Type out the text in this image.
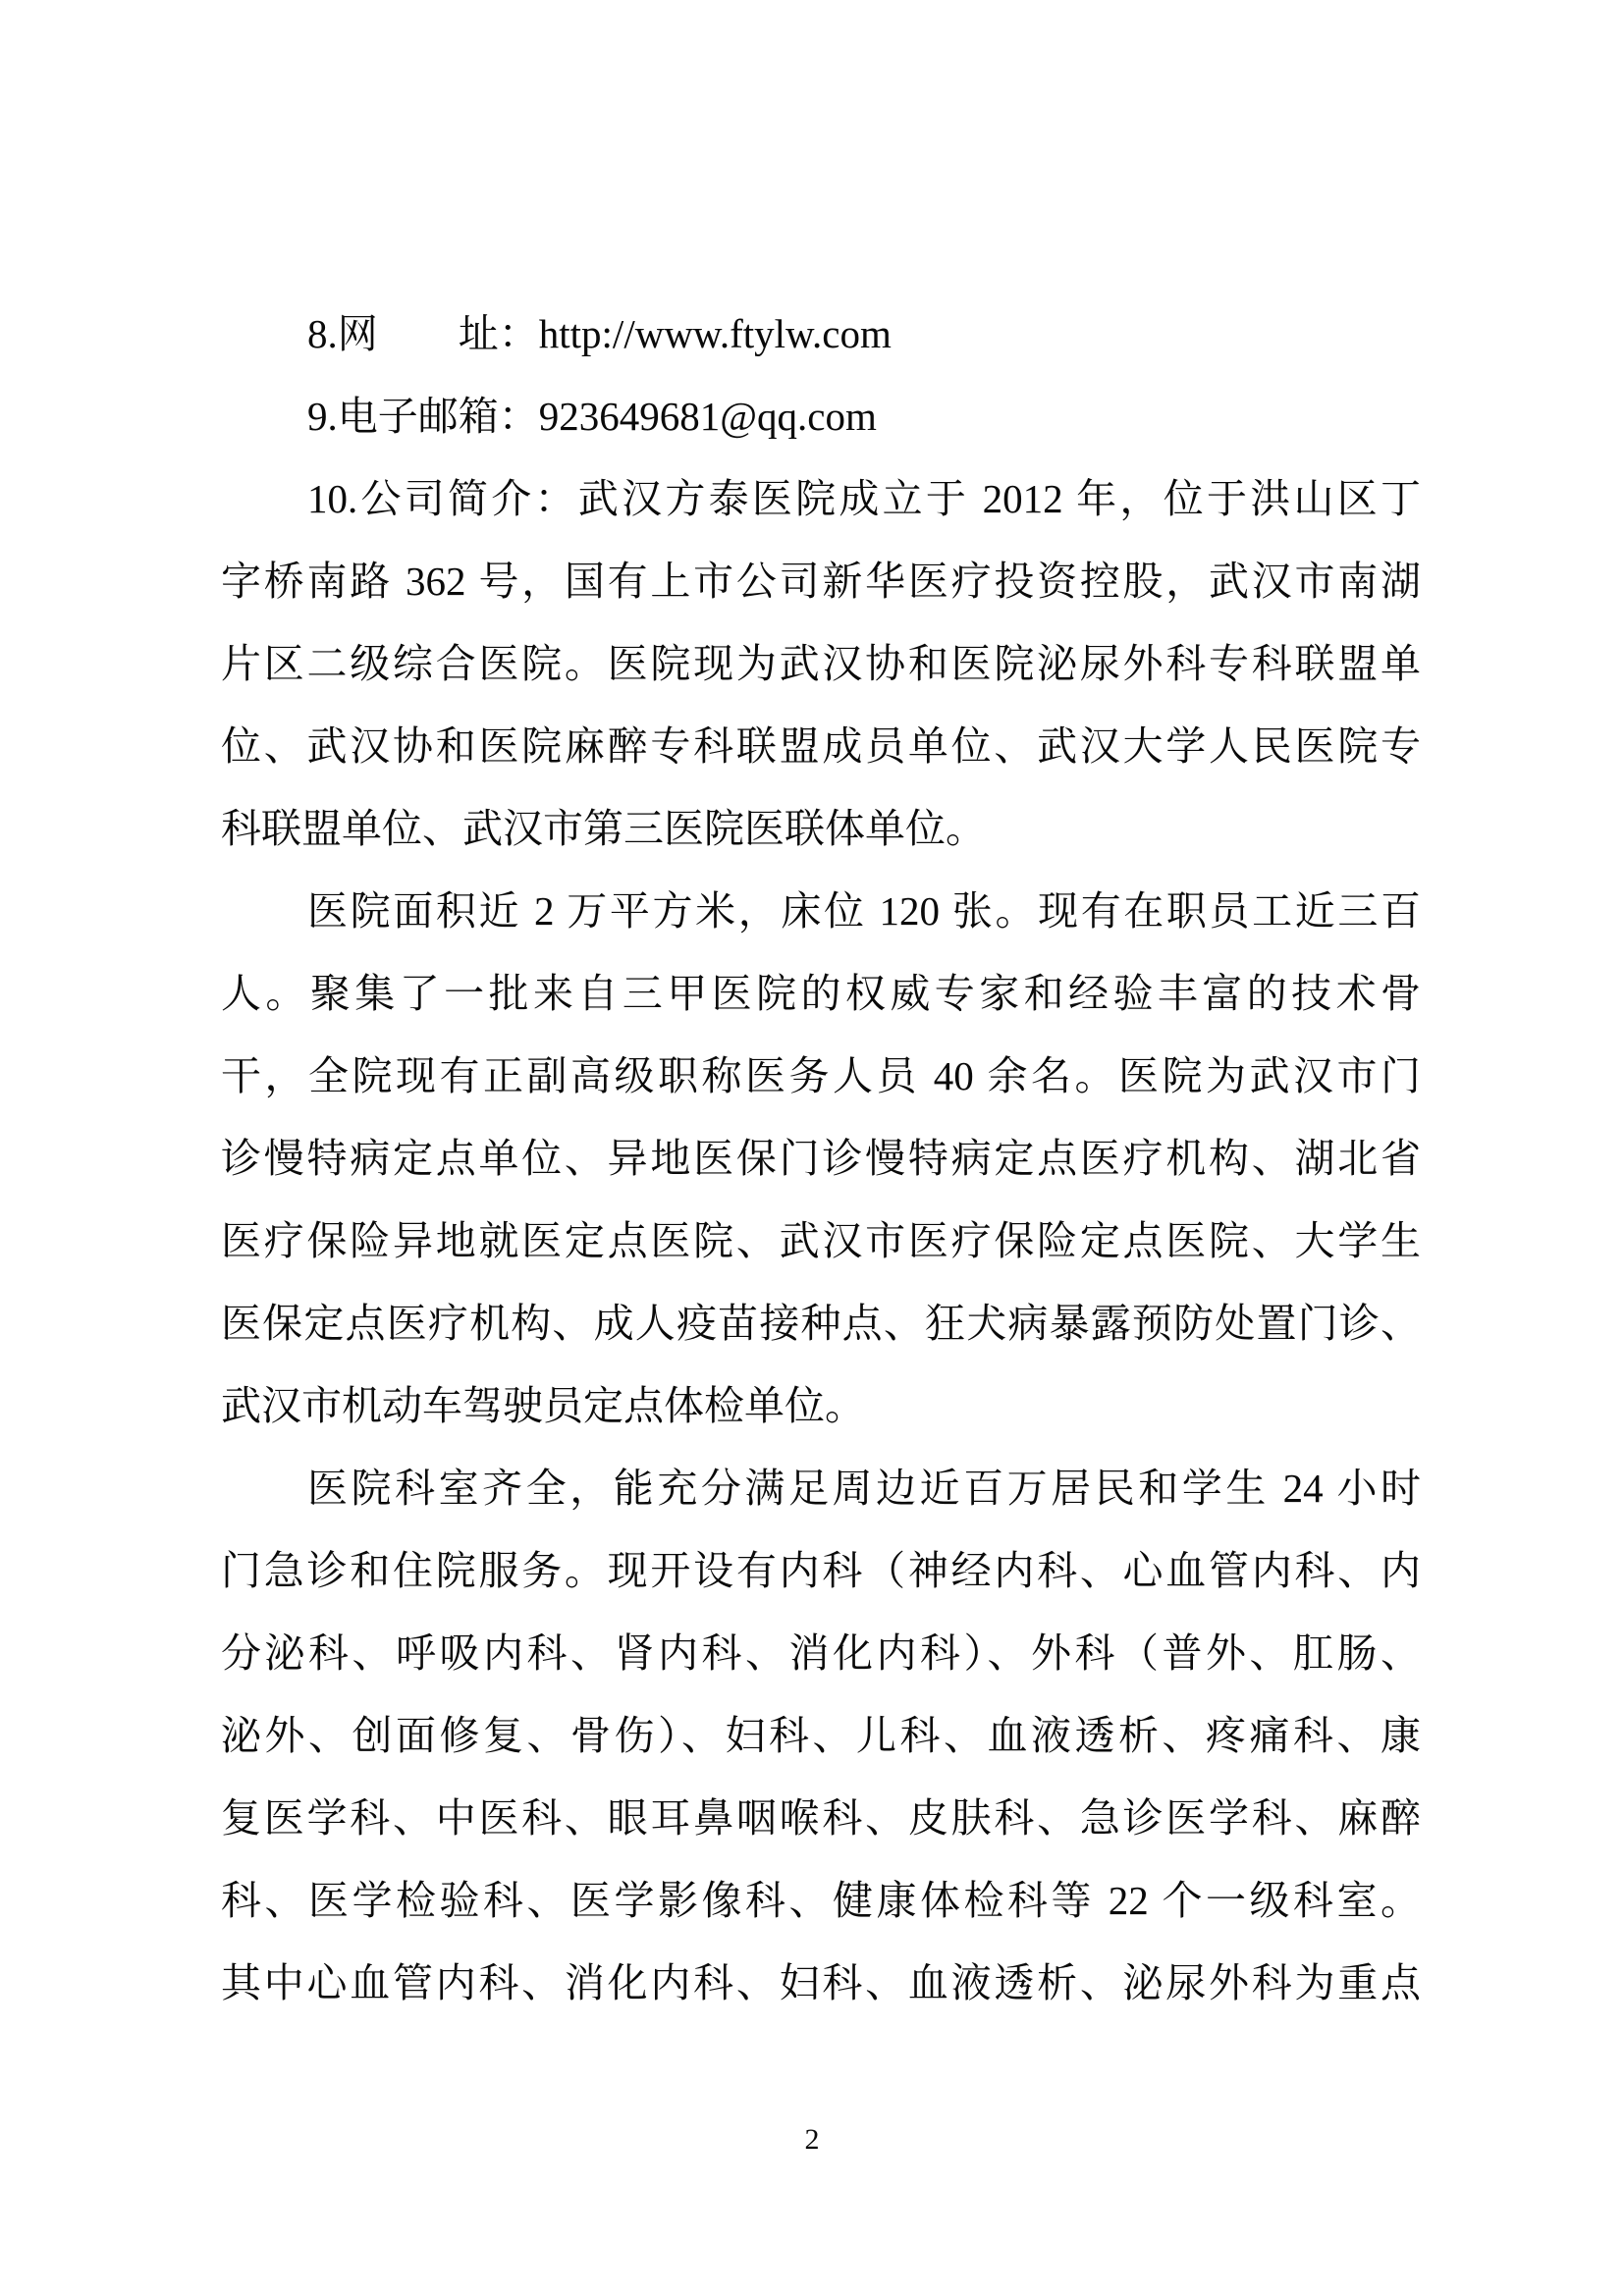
8.网　　址：http://www.ftylw.com
9.电子邮箱：923649681@qq.com
10.公司简介：武汉方泰医院成立于 2012 年，位于洪山区丁
字桥南路 362 号，国有上市公司新华医疗投资控股，武汉市南湖
片区二级综合医院。医院现为武汉协和医院泌尿外科专科联盟单
位、武汉协和医院麻醉专科联盟成员单位、武汉大学人民医院专
科联盟单位、武汉市第三医院医联体单位。
医院面积近 2 万平方米，床位 120 张。现有在职员工近三百
人。聚集了一批来自三甲医院的权威专家和经验丰富的技术骨
干，全院现有正副高级职称医务人员 40 余名。医院为武汉市门
诊慢特病定点单位、异地医保门诊慢特病定点医疗机构、湖北省
医疗保险异地就医定点医院、武汉市医疗保险定点医院、大学生
医保定点医疗机构、成人疫苗接种点、狂犬病暴露预防处置门诊、
武汉市机动车驾驶员定点体检单位。
医院科室齐全，能充分满足周边近百万居民和学生 24 小时
门急诊和住院服务。现开设有内科（神经内科、心血管内科、内
分泌科、呼吸内科、肾内科、消化内科）、外科（普外、肛肠、
泌外、创面修复、骨伤）、妇科、儿科、血液透析、疼痛科、康
复医学科、中医科、眼耳鼻咽喉科、皮肤科、急诊医学科、麻醉
科、医学检验科、医学影像科、健康体检科等 22 个一级科室。
其中心血管内科、消化内科、妇科、血液透析、泌尿外科为重点
2
